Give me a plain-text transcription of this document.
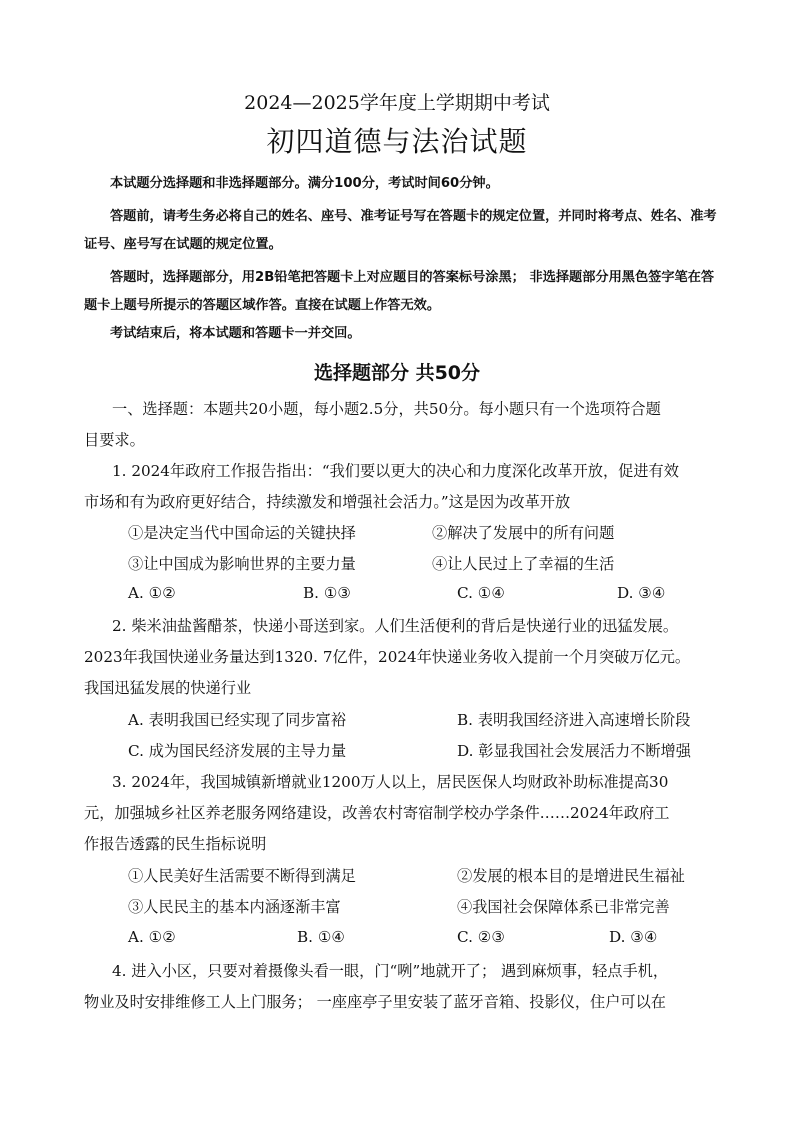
2024—2025学年度上学期期中考试
初四道德与法治试题
本试题分选择题和非选择题部分。满分100分，考试时间60分钟。
答题前，请考生务必将自己的姓名、座号、准考证号写在答题卡的规定位置，并同时将考点、姓名、准考证号、座号写在试题的规定位置。
答题时，选择题部分，用2B铅笔把答题卡上对应题目的答案标号涂黑； 非选择题部分用黑色签字笔在答题卡上题号所提示的答题区域作答。直接在试题上作答无效。
考试结束后，将本试题和答题卡一并交回。
选择题部分 共50分
一、选择题：本题共20小题，每小题2.5分，共50分。每小题只有一个选项符合题
目要求。
1. 2024年政府工作报告指出：“我们要以更大的决心和力度深化改革开放，促进有效
市场和有为政府更好结合，持续激发和增强社会活力。”这是因为改革开放
①是决定当代中国命运的关键抉择	②解决了发展中的所有问题
③让中国成为影响世界的主要力量	④让人民过上了幸福的生活
A. ①②	B. ①③	C. ①④	D. ③④
2. 柴米油盐酱醋茶，快递小哥送到家。人们生活便利的背后是快递行业的迅猛发展。
2023年我国快递业务量达到1320. 7亿件，2024年快递业务收入提前一个月突破万亿元。
我国迅猛发展的快递行业
A. 表明我国已经实现了同步富裕	B. 表明我国经济进入高速增长阶段
C. 成为国民经济发展的主导力量	D. 彰显我国社会发展活力不断增强
3. 2024年，我国城镇新增就业1200万人以上，居民医保人均财政补助标准提高30
元，加强城乡社区养老服务网络建设，改善农村寄宿制学校办学条件……2024年政府工
作报告透露的民生指标说明
①人民美好生活需要不断得到满足	②发展的根本目的是增进民生福祉
③人民民主的基本内涵逐渐丰富	④我国社会保障体系已非常完善
A. ①②	B. ①④	C. ②③	D. ③④
4. 进入小区，只要对着摄像头看一眼，门“咧”地就开了； 遇到麻烦事，轻点手机，
物业及时安排维修工人上门服务； 一座座亭子里安装了蓝牙音箱、投影仪，住户可以在
